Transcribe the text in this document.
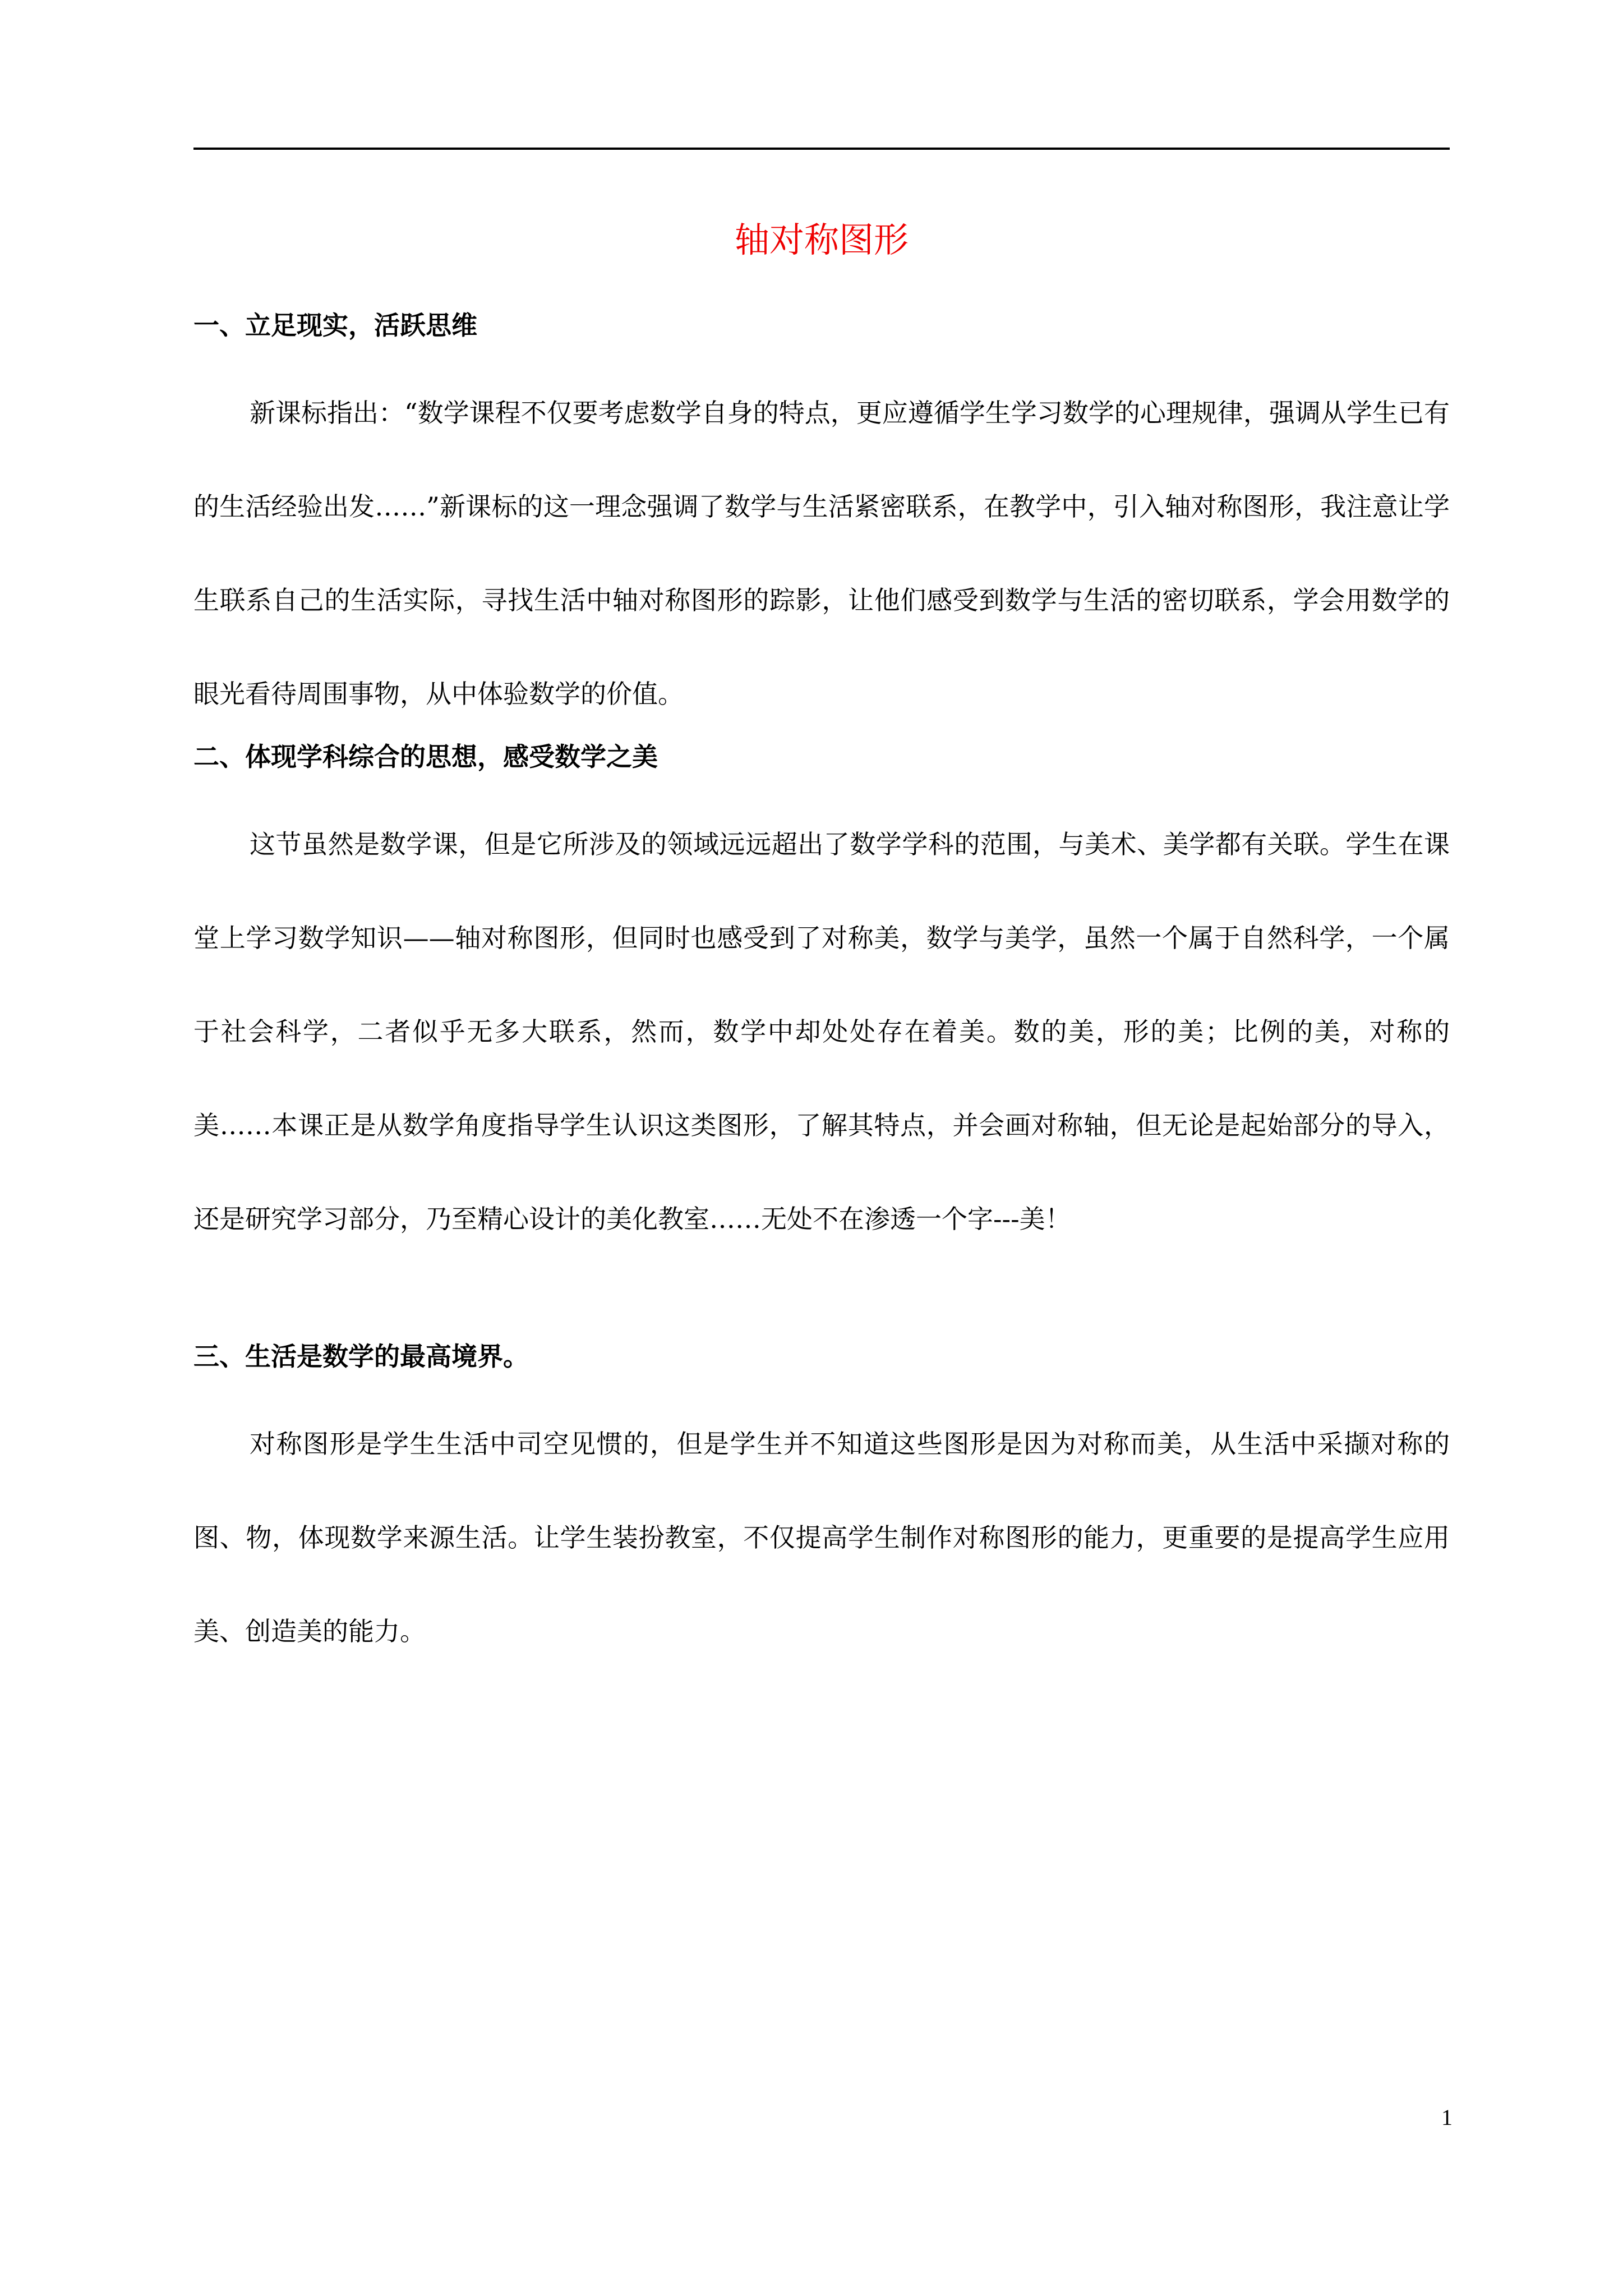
轴对称图形
一、立足现实，活跃思维

新课标指出：“数学课程不仅要考虑数学自身的特点，更应遵循学生学习数学的心理规律，强调从学生已有的生活经验出发……”新课标的这一理念强调了数学与生活紧密联系，在教学中，引入轴对称图形，我注意让学生联系自己的生活实际，寻找生活中轴对称图形的踪影，让他们感受到数学与生活的密切联系，学会用数学的眼光看待周围事物，从中体验数学的价值。

二、体现学科综合的思想，感受数学之美

这节虽然是数学课，但是它所涉及的领域远远超出了数学学科的范围，与美术、美学都有关联。学生在课堂上学习数学知识——轴对称图形，但同时也感受到了对称美，数学与美学，虽然一个属于自然科学，一个属于社会科学，二者似乎无多大联系，然而，数学中却处处存在着美。数的美，形的美；比例的美，对称的美……本课正是从数学角度指导学生认识这类图形，了解其特点，并会画对称轴，但无论是起始部分的导入，还是研究学习部分，乃至精心设计的美化教室……无处不在渗透一个字---美！

三、生活是数学的最高境界。

对称图形是学生生活中司空见惯的，但是学生并不知道这些图形是因为对称而美，从生活中采撷对称的图、物，体现数学来源生活。让学生装扮教室，不仅提高学生制作对称图形的能力，更重要的是提高学生应用美、创造美的能力。

1
